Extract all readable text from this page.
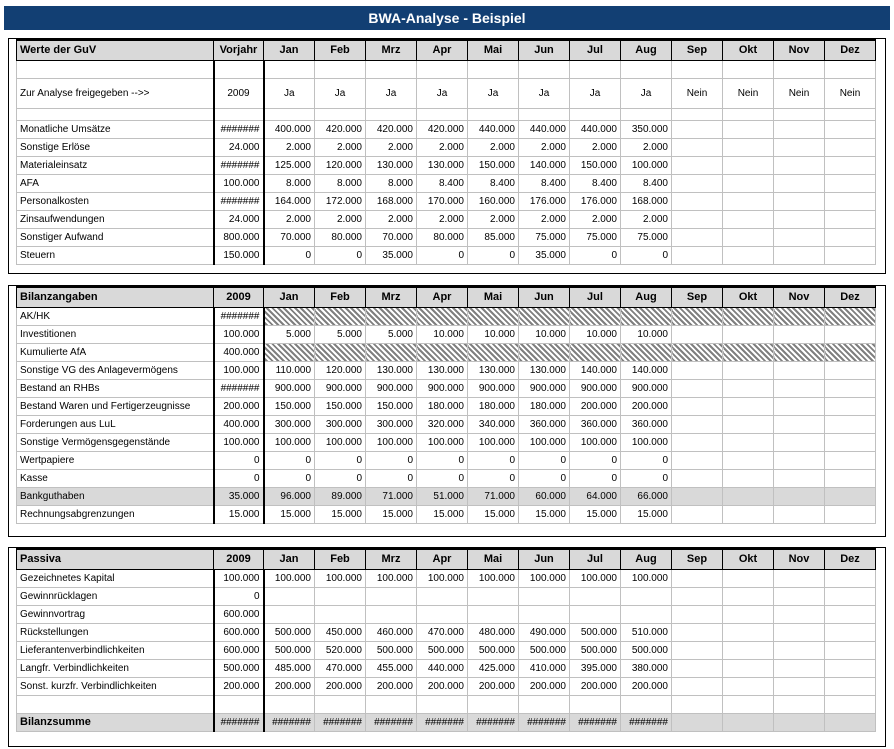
BWA-Analyse - Beispiel
Werte der GuV	Vorjahr	Jan	Feb	Mrz	Apr	Mai	Jun	Jul	Aug	Sep	Okt	Nov	Dez

Zur Analyse freigegeben -->>	2009	Ja	Ja	Ja	Ja	Ja	Ja	Ja	Ja	Nein	Nein	Nein	Nein

Monatliche Umsätze	#######	400.000	420.000	420.000	420.000	440.000	440.000	440.000	350.000				
Sonstige Erlöse	24.000	2.000	2.000	2.000	2.000	2.000	2.000	2.000	2.000				
Materialeinsatz	#######	125.000	120.000	130.000	130.000	150.000	140.000	150.000	100.000				
AFA	100.000	8.000	8.000	8.000	8.400	8.400	8.400	8.400	8.400				
Personalkosten	#######	164.000	172.000	168.000	170.000	160.000	176.000	176.000	168.000				
Zinsaufwendungen	24.000	2.000	2.000	2.000	2.000	2.000	2.000	2.000	2.000				
Sonstiger Aufwand	800.000	70.000	80.000	70.000	80.000	85.000	75.000	75.000	75.000				
Steuern	150.000	0	0	35.000	0	0	35.000	0	0				
Bilanzangaben	2009	Jan	Feb	Mrz	Apr	Mai	Jun	Jul	Aug	Sep	Okt	Nov	Dez
AK/HK	#######												
Investitionen	100.000	5.000	5.000	5.000	10.000	10.000	10.000	10.000	10.000				
Kumulierte AfA	400.000												
Sonstige VG des Anlagevermögens	100.000	110.000	120.000	130.000	130.000	130.000	130.000	140.000	140.000				
Bestand an RHBs	#######	900.000	900.000	900.000	900.000	900.000	900.000	900.000	900.000				
Bestand Waren und Fertigerzeugnisse	200.000	150.000	150.000	150.000	180.000	180.000	180.000	200.000	200.000				
Forderungen aus LuL	400.000	300.000	300.000	300.000	320.000	340.000	360.000	360.000	360.000				
Sonstige Vermögensgegenstände	100.000	100.000	100.000	100.000	100.000	100.000	100.000	100.000	100.000				
Wertpapiere	0	0	0	0	0	0	0	0	0				
Kasse	0	0	0	0	0	0	0	0	0				
Bankguthaben	35.000	96.000	89.000	71.000	51.000	71.000	60.000	64.000	66.000				
Rechnungsabgrenzungen	15.000	15.000	15.000	15.000	15.000	15.000	15.000	15.000	15.000				
Passiva	2009	Jan	Feb	Mrz	Apr	Mai	Jun	Jul	Aug	Sep	Okt	Nov	Dez
Gezeichnetes Kapital	100.000	100.000	100.000	100.000	100.000	100.000	100.000	100.000	100.000				
Gewinnrücklagen	0												
Gewinnvortrag	600.000												
Rückstellungen	600.000	500.000	450.000	460.000	470.000	480.000	490.000	500.000	510.000				
Lieferantenverbindlichkeiten	600.000	500.000	520.000	500.000	500.000	500.000	500.000	500.000	500.000				
Langfr. Verbindlichkeiten	500.000	485.000	470.000	455.000	440.000	425.000	410.000	395.000	380.000				
Sonst. kurzfr. Verbindlichkeiten	200.000	200.000	200.000	200.000	200.000	200.000	200.000	200.000	200.000				

Bilanzsumme	#######	#######	#######	#######	#######	#######	#######	#######	#######				
